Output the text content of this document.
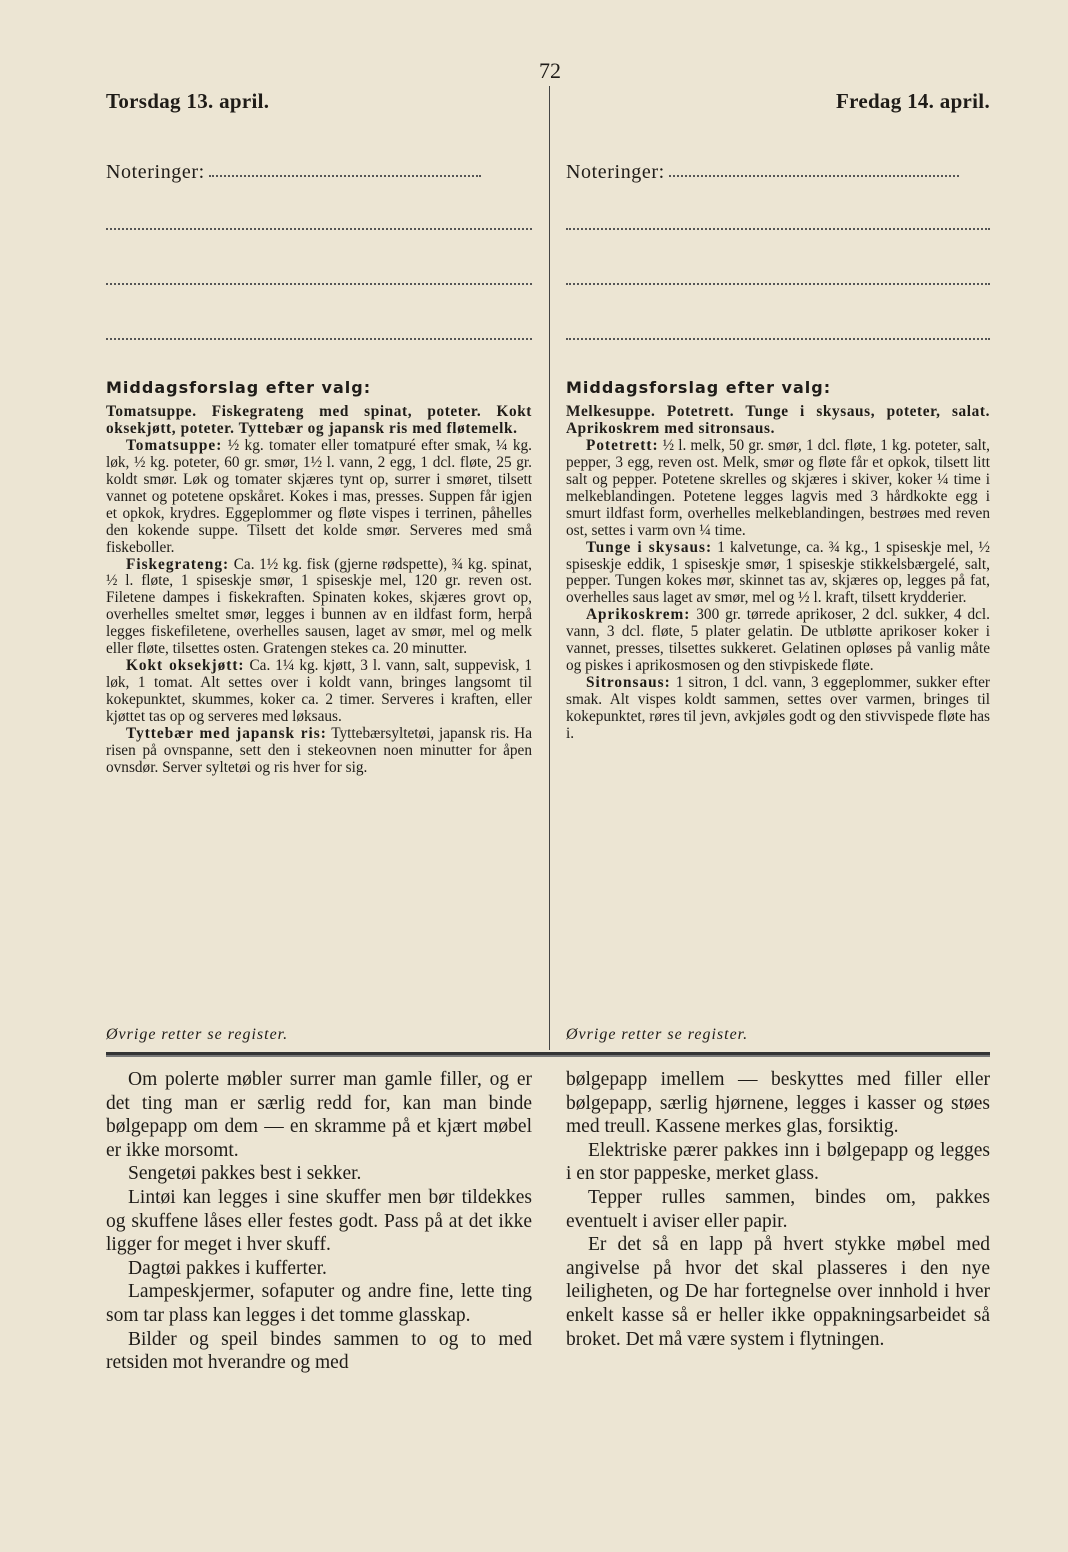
72
Torsdag 13. april.
Noteringer:
Middagsforslag efter valg:

Tomatsuppe. Fiskegrateng med spinat, poteter. Kokt oksekjøtt, poteter. Tyttebær og japansk ris med fløtemelk.

Tomatsuppe: ½ kg. tomater eller tomatpuré efter smak, ¼ kg. løk, ½ kg. poteter, 60 gr. smør, 1½ l. vann, 2 egg, 1 dcl. fløte, 25 gr. koldt smør. Løk og tomater skjæres tynt op, surrer i smøret, tilsett vannet og potetene opskåret. Kokes i mas, presses. Suppen får igjen et opkok, krydres. Eggeplommer og fløte vispes i terrinen, påhelles den kokende suppe. Tilsett det kolde smør. Serveres med små fiskeboller.

Fiskegrateng: Ca. 1½ kg. fisk (gjerne rødspette), ¾ kg. spinat, ½ l. fløte, 1 spiseskje smør, 1 spiseskje mel, 120 gr. reven ost. Filetene dampes i fiskekraften. Spinaten kokes, skjæres grovt op, overhelles smeltet smør, legges i bunnen av en ildfast form, herpå legges fiskefiletene, overhelles sausen, laget av smør, mel og melk eller fløte, tilsettes osten. Gratengen stekes ca. 20 minutter.

Kokt oksekjøtt: Ca. 1¼ kg. kjøtt, 3 l. vann, salt, suppevisk, 1 løk, 1 tomat. Alt settes over i koldt vann, bringes langsomt til kokepunktet, skummes, koker ca. 2 timer. Serveres i kraften, eller kjøttet tas op og serveres med løksaus.

Tyttebær med japansk ris: Tyttebærsyltetøi, japansk ris. Ha risen på ovnspanne, sett den i stekeovnen noen minutter for åpen ovnsdør. Server syltetøi og ris hver for sig.

Øvrige retter se register.
Fredag 14. april.
Noteringer:
Middagsforslag efter valg:

Melkesuppe. Potetrett. Tunge i skysaus, poteter, salat. Aprikoskrem med sitronsaus.

Potetrett: ½ l. melk, 50 gr. smør, 1 dcl. fløte, 1 kg. poteter, salt, pepper, 3 egg, reven ost. Melk, smør og fløte får et opkok, tilsett litt salt og pepper. Potetene skrelles og skjæres i skiver, koker ¼ time i melkeblandingen. Potetene legges lagvis med 3 hårdkokte egg i smurt ildfast form, overhelles melkeblandingen, bestrøes med reven ost, settes i varm ovn ¼ time.

Tunge i skysaus: 1 kalvetunge, ca. ¾ kg., 1 spiseskje mel, ½ spiseskje eddik, 1 spiseskje smør, 1 spiseskje stikkelsbærgelé, salt, pepper. Tungen kokes mør, skinnet tas av, skjæres op, legges på fat, overhelles saus laget av smør, mel og ½ l. kraft, tilsett krydderier.

Aprikoskrem: 300 gr. tørrede aprikoser, 2 dcl. sukker, 4 dcl. vann, 3 dcl. fløte, 5 plater gelatin. De utbløtte aprikoser koker i vannet, presses, tilsettes sukkeret. Gelatinen opløses på vanlig måte og piskes i aprikosmosen og den stivpiskede fløte.

Sitronsaus: 1 sitron, 1 dcl. vann, 3 eggeplommer, sukker efter smak. Alt vispes koldt sammen, settes over varmen, bringes til kokepunktet, røres til jevn, avkjøles godt og den stivvispede fløte has i.

Øvrige retter se register.

Om polerte møbler surrer man gamle filler, og er det ting man er særlig redd for, kan man binde bølgepapp om dem — en skramme på et kjært møbel er ikke morsomt.

Sengetøi pakkes best i sekker.

Lintøi kan legges i sine skuffer men bør tildekkes og skuffene låses eller festes godt. Pass på at det ikke ligger for meget i hver skuff.

Dagtøi pakkes i kufferter.

Lampeskjermer, sofaputer og andre fine, lette ting som tar plass kan legges i det tomme glasskap.

Bilder og speil bindes sammen to og to med retsiden mot hverandre og med

bølgepapp imellem — beskyttes med filler eller bølgepapp, særlig hjørnene, legges i kasser og støes med treull. Kassene merkes glas, forsiktig.

Elektriske pærer pakkes inn i bølgepapp og legges i en stor pappeske, merket glass.

Tepper rulles sammen, bindes om, pakkes eventuelt i aviser eller papir.

Er det så en lapp på hvert stykke møbel med angivelse på hvor det skal plasseres i den nye leiligheten, og De har fortegnelse over innhold i hver enkelt kasse så er heller ikke oppakningsarbeidet så broket. Det må være system i flytningen.
